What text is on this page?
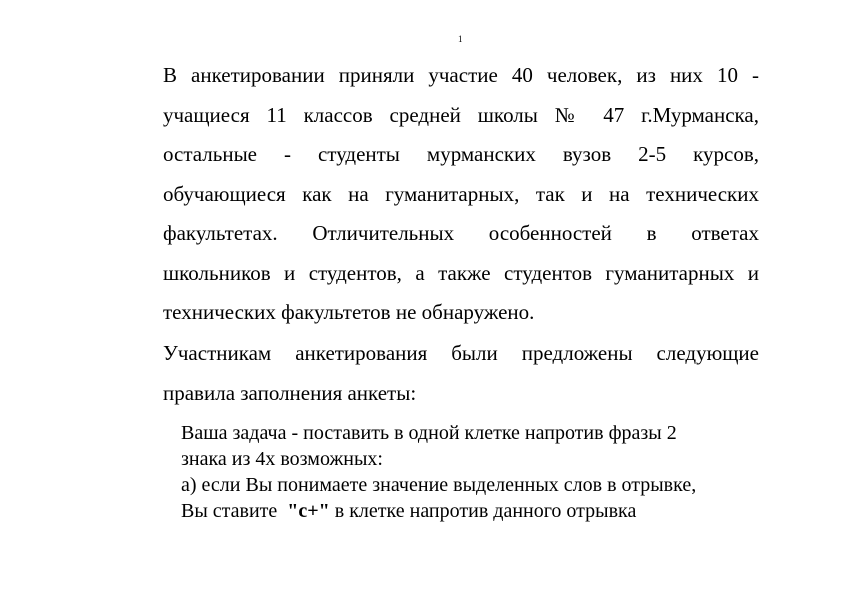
1
В анкетировании приняли участие 40 человек, из них 10 -
учащиеся 11 классов средней школы № 47 г.Мурманска,
остальные - студенты мурманских вузов 2-5 курсов,
обучающиеся как на гуманитарных, так и на технических
факультетах. Отличительных особенностей в ответах
школьников и студентов, а также студентов гуманитарных и
технических факультетов не обнаружено.
Участникам анкетирования были предложены следующие
правила заполнения анкеты:
Ваша задача - поставить в одной клетке напротив фразы 2
знака из 4х возможных:
а) если Вы понимаете значение выделенных слов в отрывке,
Вы ставите "с+" в клетке напротив данного отрывка
